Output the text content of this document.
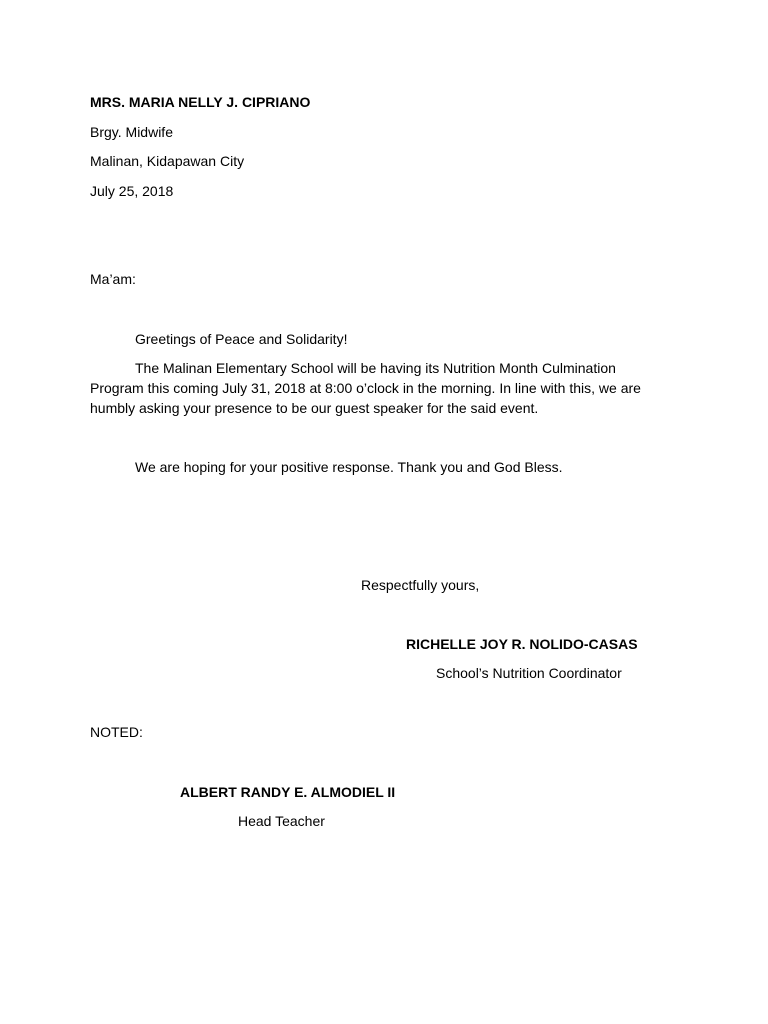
MRS. MARIA NELLY J. CIPRIANO
Brgy. Midwife
Malinan, Kidapawan City
July 25, 2018
Ma’am:
Greetings of Peace and Solidarity!
The Malinan Elementary School will be having its Nutrition Month Culmination Program this coming July 31, 2018 at 8:00 o’clock in the morning. In line with this, we are humbly asking your presence to be our guest speaker for the said event.
We are hoping for your positive response. Thank you and God Bless.
Respectfully yours,
RICHELLE JOY R. NOLIDO-CASAS
School’s Nutrition Coordinator
NOTED:
ALBERT RANDY E. ALMODIEL II
Head Teacher
